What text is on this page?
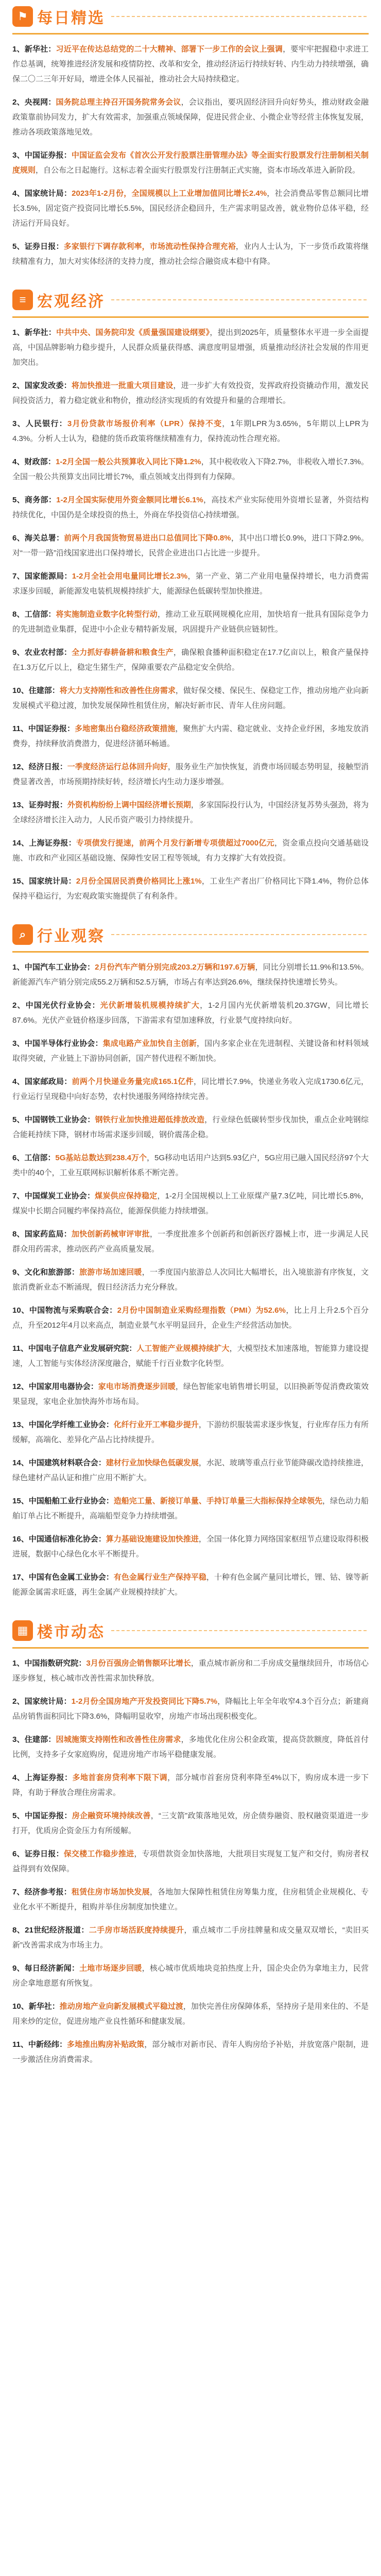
⚑ 每日精选

1、新华社：习近平在传达总结党的二十大精神、部署下一步工作的会议上强调，要牢牢把握稳中求进工作总基调，统筹推进经济发展和疫情防控、改革和安全，推动经济运行持续好转、内生动力持续增强，确保二〇二三年开好局，增进全体人民福祉，推动社会大局持续稳定。

2、央视网：国务院总理主持召开国务院常务会议，会议指出，要巩固经济回升向好势头，推动财政金融政策靠前协同发力，扩大有效需求，加强重点领域保障，促进民营企业、小微企业等经营主体恢复发展，推动各项政策落地见效。

3、中国证券报：中国证监会发布《首次公开发行股票注册管理办法》等全面实行股票发行注册制相关制度规则，自公布之日起施行。这标志着全面实行股票发行注册制正式实施，资本市场改革进入新阶段。

4、国家统计局：2023年1-2月份，全国规模以上工业增加值同比增长2.4%，社会消费品零售总额同比增长3.5%，固定资产投资同比增长5.5%，国民经济企稳回升，生产需求明显改善，就业物价总体平稳，经济运行开局良好。

5、证券日报：多家银行下调存款利率，市场流动性保持合理充裕，业内人士认为，下一步货币政策将继续精准有力，加大对实体经济的支持力度，推动社会综合融资成本稳中有降。

≡ 宏观经济

1、新华社：中共中央、国务院印发《质量强国建设纲要》，提出到2025年，质量整体水平进一步全面提高，中国品牌影响力稳步提升，人民群众质量获得感、满意度明显增强，质量推动经济社会发展的作用更加突出。

2、国家发改委：将加快推进一批重大项目建设，进一步扩大有效投资，发挥政府投资撬动作用，激发民间投资活力，着力稳定就业和物价，推动经济实现质的有效提升和量的合理增长。

3、人民银行：3月份贷款市场报价利率（LPR）保持不变，1年期LPR为3.65%，5年期以上LPR为4.3%。分析人士认为，稳健的货币政策将继续精准有力，保持流动性合理充裕。

4、财政部：1-2月全国一般公共预算收入同比下降1.2%，其中税收收入下降2.7%，非税收入增长7.3%。全国一般公共预算支出同比增长7%，重点领域支出得到有力保障。

5、商务部：1-2月全国实际使用外资金额同比增长6.1%，高技术产业实际使用外资增长显著，外资结构持续优化，中国仍是全球投资的热土，外商在华投资信心持续增强。

6、海关总署：前两个月我国货物贸易进出口总值同比下降0.8%，其中出口增长0.9%，进口下降2.9%。对“一带一路”沿线国家进出口保持增长，民营企业进出口占比进一步提升。

7、国家能源局：1-2月全社会用电量同比增长2.3%，第一产业、第二产业用电量保持增长，电力消费需求逐步回暖，新能源发电装机规模持续扩大，能源绿色低碳转型加快推进。

8、工信部：将实施制造业数字化转型行动，推动工业互联网规模化应用，加快培育一批具有国际竞争力的先进制造业集群，促进中小企业专精特新发展，巩固提升产业链供应链韧性。

9、农业农村部：全力抓好春耕备耕和粮食生产，确保粮食播种面积稳定在17.7亿亩以上，粮食产量保持在1.3万亿斤以上，稳定生猪生产，保障重要农产品稳定安全供给。

10、住建部：将大力支持刚性和改善性住房需求，做好保交楼、保民生、保稳定工作，推动房地产业向新发展模式平稳过渡，加快发展保障性租赁住房，解决好新市民、青年人住房问题。

11、中国证券报：多地密集出台稳经济政策措施，聚焦扩大内需、稳定就业、支持企业纾困，多地发放消费券，持续释放消费潜力，促进经济循环畅通。

12、经济日报：一季度经济运行总体回升向好，服务业生产加快恢复，消费市场回暖态势明显，接触型消费显著改善，市场预期持续好转，经济增长内生动力逐步增强。

13、证券时报：外资机构纷纷上调中国经济增长预期，多家国际投行认为，中国经济复苏势头强劲，将为全球经济增长注入动力，人民币资产吸引力持续提升。

14、上海证券报：专项债发行提速，前两个月发行新增专项债超过7000亿元，资金重点投向交通基础设施、市政和产业园区基础设施、保障性安居工程等领域，有力支撑扩大有效投资。

15、国家统计局：2月份全国居民消费价格同比上涨1%，工业生产者出厂价格同比下降1.4%，物价总体保持平稳运行，为宏观政策实施提供了有利条件。

⌕ 行业观察

1、中国汽车工业协会：2月份汽车产销分别完成203.2万辆和197.6万辆，同比分别增长11.9%和13.5%。新能源汽车产销分别完成55.2万辆和52.5万辆，市场占有率达到26.6%，继续保持快速增长势头。

2、中国光伏行业协会：光伏新增装机规模持续扩大，1-2月国内光伏新增装机20.37GW，同比增长87.6%。光伏产业链价格逐步回落，下游需求有望加速释放，行业景气度持续向好。

3、中国半导体行业协会：集成电路产业加快自主创新，国内多家企业在先进制程、关键设备和材料领域取得突破，产业链上下游协同创新，国产替代进程不断加快。

4、国家邮政局：前两个月快递业务量完成165.1亿件，同比增长7.9%，快递业务收入完成1730.6亿元，行业运行呈现稳中向好态势，农村快递服务网络持续完善。

5、中国钢铁工业协会：钢铁行业加快推进超低排放改造，行业绿色低碳转型步伐加快，重点企业吨钢综合能耗持续下降，钢材市场需求逐步回暖，钢价震荡企稳。

6、工信部：5G基站总数达到238.4万个，5G移动电话用户达到5.93亿户，5G应用已融入国民经济97个大类中的40个，工业互联网标识解析体系不断完善。

7、中国煤炭工业协会：煤炭供应保持稳定，1-2月全国规模以上工业原煤产量7.3亿吨，同比增长5.8%，煤炭中长期合同履约率保持高位，能源保供能力持续增强。

8、国家药监局：加快创新药械审评审批，一季度批准多个创新药和创新医疗器械上市，进一步满足人民群众用药需求，推动医药产业高质量发展。

9、文化和旅游部：旅游市场加速回暖，一季度国内旅游总人次同比大幅增长，出入境旅游有序恢复，文旅消费新业态不断涌现，假日经济活力充分释放。

10、中国物流与采购联合会：2月份中国制造业采购经理指数（PMI）为52.6%，比上月上升2.5个百分点，升至2012年4月以来高点，制造业景气水平明显回升，企业生产经营活动加快。

11、中国电子信息产业发展研究院：人工智能产业规模持续扩大，大模型技术加速落地，智能算力建设提速，人工智能与实体经济深度融合，赋能千行百业数字化转型。

12、中国家用电器协会：家电市场消费逐步回暖，绿色智能家电销售增长明显，以旧换新等促消费政策效果显现，家电企业加快海外市场布局。

13、中国化学纤维工业协会：化纤行业开工率稳步提升，下游纺织服装需求逐步恢复，行业库存压力有所缓解，高端化、差异化产品占比持续提升。

14、中国建筑材料联合会：建材行业加快绿色低碳发展，水泥、玻璃等重点行业节能降碳改造持续推进，绿色建材产品认证和推广应用不断扩大。

15、中国船舶工业行业协会：造船完工量、新接订单量、手持订单量三大指标保持全球领先，绿色动力船舶订单占比不断提升，高端船型竞争力持续增强。

16、中国通信标准化协会：算力基础设施建设加快推进，全国一体化算力网络国家枢纽节点建设取得积极进展，数据中心绿色化水平不断提升。

17、中国有色金属工业协会：有色金属行业生产保持平稳，十种有色金属产量同比增长，锂、钴、镍等新能源金属需求旺盛，再生金属产业规模持续扩大。

▦ 楼市动态

1、中国指数研究院：3月份百强房企销售额环比增长，重点城市新房和二手房成交量继续回升，市场信心逐步修复，核心城市改善性需求加快释放。

2、国家统计局：1-2月份全国房地产开发投资同比下降5.7%，降幅比上年全年收窄4.3个百分点；新建商品房销售面积同比下降3.6%，降幅明显收窄，房地产市场出现积极变化。

3、住建部：因城施策支持刚性和改善性住房需求，多地优化住房公积金政策，提高贷款额度，降低首付比例，支持多子女家庭购房，促进房地产市场平稳健康发展。

4、上海证券报：多地首套房贷利率下限下调，部分城市首套房贷利率降至4%以下，购房成本进一步下降，有助于释放合理住房需求。

5、中国证券报：房企融资环境持续改善，“三支箭”政策落地见效，房企债券融资、股权融资渠道进一步打开，优质房企资金压力有所缓解。

6、证券日报：保交楼工作稳步推进，专项借款资金加快落地，大批项目实现复工复产和交付，购房者权益得到有效保障。

7、经济参考报：租赁住房市场加快发展，各地加大保障性租赁住房筹集力度，住房租赁企业规模化、专业化水平不断提升，租购并举住房制度加快建立。

8、21世纪经济报道：二手房市场活跃度持续提升，重点城市二手房挂牌量和成交量双双增长，“卖旧买新”改善需求成为市场主力。

9、每日经济新闻：土地市场逐步回暖，核心城市优质地块竞拍热度上升，国企央企仍为拿地主力，民营房企拿地意愿有所恢复。

10、新华社：推动房地产业向新发展模式平稳过渡，加快完善住房保障体系，坚持房子是用来住的、不是用来炒的定位，促进房地产业良性循环和健康发展。

11、中新经纬：多地推出购房补贴政策，部分城市对新市民、青年人购房给予补贴，并放宽落户限制，进一步激活住房消费需求。
